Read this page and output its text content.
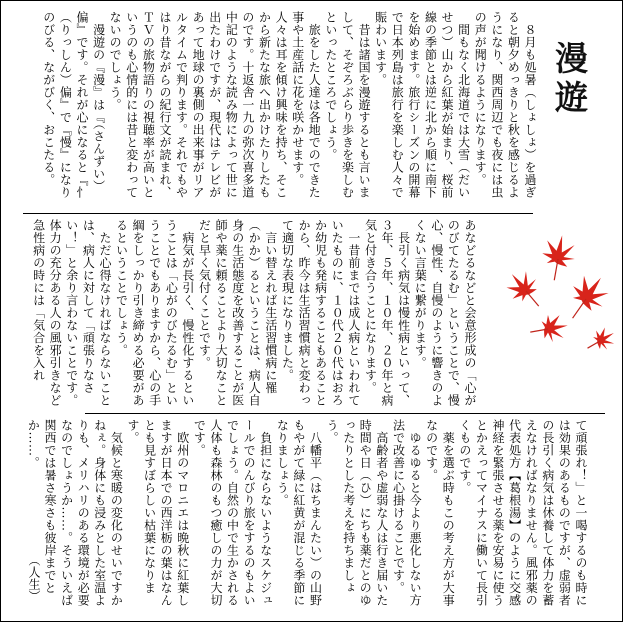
漫遊
　８月も処暑（しょしょ）を過ぎると朝夕めっきりと秋を感じるようになり、関西周辺でも夜には虫の声が聞けるようになります。
　間もなく北海道では大雪（だいせつ）山から紅葉が始まり、桜前線の季節とは逆に北から順に南下を始めます。旅行シーズンの開幕で日本列島は旅行を楽しむ人々で賑わいます。
　昔は諸国を漫遊するとも言いまして、そぞろぶらり歩きを楽しむといったところでしょう。
　旅をした人達は各地でのできた事や土産話に花を咲かせます。人々は耳を傾け興味を持ち、そこから新たな旅へ出かけたりしたものです。十返舎一九の弥次喜多道中記のような読み物によって世に出たわけですが、現代はテレビがあって地球の裏側の出来事がリアルタイムで判ります。それでもやはり昔ながらの紀行文が読まれ、ＴＶの旅物語りの視聴率が高いというのも心情的には昔と変わってないのでしょう。
　漫遊の『漫』は『（さんずい）偏』です。それが心になると『忄（りっしん）偏』で『慢』になりのびる、ながびく、おこたる。
あなどるなどと会意形成の「心がのびてたるむ」ということで、慢心、慢性、自慢のように響きのよくない言葉に繋がります。
　長引く病気は慢性病といって、３年、５年、１０年、２０年と病気と付き合うことになります。
　一昔前までは成人病といわれていたものに、１０代２０代はおろか幼児も発病することもあることから、昨今は生活習慣病と変わって適切な表現になりました。
　言い替えれば生活習慣病に罹（かか）るということは、病人自身の生活態度を改善することが医師や薬に頼ることより大切なことだと早く気付くことです。
　病気が長引く、慢性化するということは「心がのびたるむ」ということでもありますから、心の手綱をしっかり引き締める必要があるということでしょう。
　ただ心得なければならないことは、病人に対して「頑張りなさい！」と余り言わないことです。体力の充分ある人の風邪引きなど急性病の時には「気合を入れ
て頑張れ！」と一喝するのも時には効果のあるものですが、虚弱者の長引く病気は休養して体力を蓄えなければなりません。風邪薬の代表処方【葛根湯】のように交感神経を緊張させる薬を安易に使うとかえってマイナスに働いて長引くものです。
　薬を選ぶ時もこの考え方が大事なのです。
　ゆるゆると今より悪化しない方法で改善に心掛けることです。
　高齢者や虚弱な人は行き届いた時間や日（ひ）にちも薬だとのゆったりとした考えを持ちましょう。
　八幡平（はちまんたい）の山野もやがて緑に紅黄が混じる季節になりましょう。
　負担にならないようなスケジュールでのんびり旅をするのもよいでしょう。自然の中で生かされる人体も森林のもつ癒しの力が大切です。
　欧州のマロニエは晩秋に紅葉しますが日本での西洋栃の葉はなんとも見すぼらしい枯葉になります。
　気候と寒暖の変化のせいですかねぇ。身体にも浸みとした室温よりも、メリハリのある環境が必要なのでしょうか……。そういえば関西では暑さ寒さも彼岸までとか……。
（人生）
